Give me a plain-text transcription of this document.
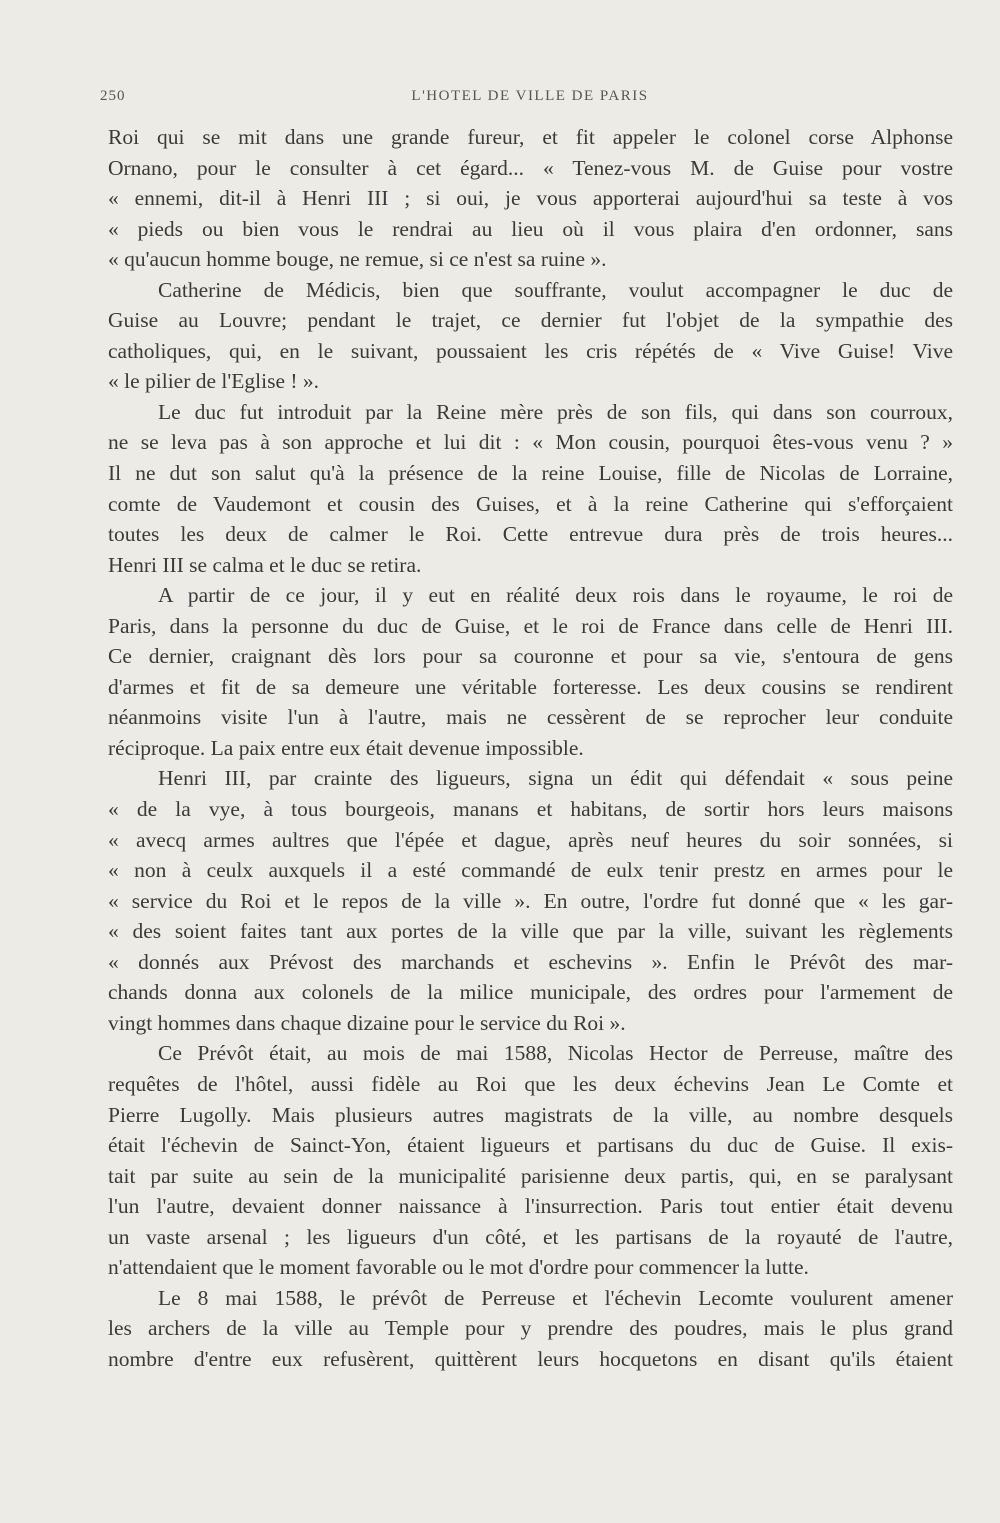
250	L'HOTEL DE VILLE DE PARIS
Roi qui se mit dans une grande fureur, et fit appeler le colonel corse Alphonse
Ornano, pour le consulter à cet égard... « Tenez-vous M. de Guise pour vostre
« ennemi, dit-il à Henri III ; si oui, je vous apporterai aujourd'hui sa teste à vos
« pieds ou bien vous le rendrai au lieu où il vous plaira d'en ordonner, sans
« qu'aucun homme bouge, ne remue, si ce n'est sa ruine ».
Catherine de Médicis, bien que souffrante, voulut accompagner le duc de
Guise au Louvre; pendant le trajet, ce dernier fut l'objet de la sympathie des
catholiques, qui, en le suivant, poussaient les cris répétés de « Vive Guise! Vive
« le pilier de l'Eglise ! ».
Le duc fut introduit par la Reine mère près de son fils, qui dans son courroux,
ne se leva pas à son approche et lui dit : « Mon cousin, pourquoi êtes-vous venu ? »
Il ne dut son salut qu'à la présence de la reine Louise, fille de Nicolas de Lorraine,
comte de Vaudemont et cousin des Guises, et à la reine Catherine qui s'efforçaient
toutes les deux de calmer le Roi. Cette entrevue dura près de trois heures...
Henri III se calma et le duc se retira.
A partir de ce jour, il y eut en réalité deux rois dans le royaume, le roi de
Paris, dans la personne du duc de Guise, et le roi de France dans celle de Henri III.
Ce dernier, craignant dès lors pour sa couronne et pour sa vie, s'entoura de gens
d'armes et fit de sa demeure une véritable forteresse. Les deux cousins se rendirent
néanmoins visite l'un à l'autre, mais ne cessèrent de se reprocher leur conduite
réciproque. La paix entre eux était devenue impossible.
Henri III, par crainte des ligueurs, signa un édit qui défendait « sous peine
« de la vye, à tous bourgeois, manans et habitans, de sortir hors leurs maisons
« avecq armes aultres que l'épée et dague, après neuf heures du soir sonnées, si
« non à ceulx auxquels il a esté commandé de eulx tenir prestz en armes pour le
« service du Roi et le repos de la ville ». En outre, l'ordre fut donné que « les gar-
« des soient faites tant aux portes de la ville que par la ville, suivant les règlements
« donnés aux Prévost des marchands et eschevins ». Enfin le Prévôt des mar-
chands donna aux colonels de la milice municipale, des ordres pour l'armement de
vingt hommes dans chaque dizaine pour le service du Roi ».
Ce Prévôt était, au mois de mai 1588, Nicolas Hector de Perreuse, maître des
requêtes de l'hôtel, aussi fidèle au Roi que les deux échevins Jean Le Comte et
Pierre Lugolly. Mais plusieurs autres magistrats de la ville, au nombre desquels
était l'échevin de Sainct-Yon, étaient ligueurs et partisans du duc de Guise. Il exis-
tait par suite au sein de la municipalité parisienne deux partis, qui, en se paralysant
l'un l'autre, devaient donner naissance à l'insurrection. Paris tout entier était devenu
un vaste arsenal ; les ligueurs d'un côté, et les partisans de la royauté de l'autre,
n'attendaient que le moment favorable ou le mot d'ordre pour commencer la lutte.
Le 8 mai 1588, le prévôt de Perreuse et l'échevin Lecomte voulurent amener
les archers de la ville au Temple pour y prendre des poudres, mais le plus grand
nombre d'entre eux refusèrent, quittèrent leurs hocquetons en disant qu'ils étaient
